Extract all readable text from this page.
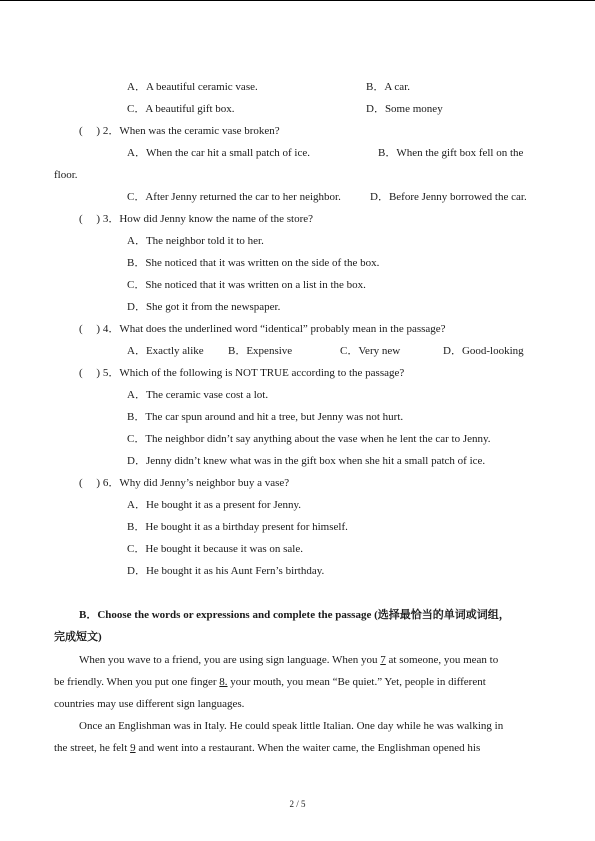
A．A beautiful ceramic vase.	B．A car.
C．A beautiful gift box.	D．Some money
(　 ) 2．When was the ceramic vase broken?
A．When the car hit a small patch of ice.	B．When the gift box fell on the
floor.
C．After Jenny returned the car to her neighbor.	D．Before Jenny borrowed the car.
(　 ) 3．How did Jenny know the name of the store?
A．The neighbor told it to her.
B．She noticed that it was written on the side of the box.
C．She noticed that it was written on a list in the box.
D．She got it from the newspaper.
(　 ) 4．What does the underlined word “identical” probably mean in the passage?
A．Exactly alike B．Expensive	C．Very new	D．Good-looking
(　 ) 5．Which of the following is NOT TRUE according to the passage?
A．The ceramic vase cost a lot.
B．The car spun around and hit a tree, but Jenny was not hurt.
C．The neighbor didn’t say anything about the vase when he lent the car to Jenny.
D．Jenny didn’t knew what was in the gift box when she hit a small patch of ice.
(　 ) 6．Why did Jenny’s neighbor buy a vase?
A．He bought it as a present for Jenny.
B．He bought it as a birthday present for himself.
C．He bought it because it was on sale.
D．He bought it as his Aunt Fern’s birthday.
B．Choose the words or expressions and complete the passage (选择最恰当的单词或词组，
完成短文)
When you wave to a friend, you are using sign language. When you 7 at someone, you mean to
be friendly. When you put one finger 8. your mouth, you mean “Be quiet.” Yet, people in different
countries may use different sign languages.
Once an Englishman was in Italy. He could speak little Italian. One day while he was walking in
the street, he felt 9 and went into a restaurant. When the waiter came, the Englishman opened his
2 / 5
